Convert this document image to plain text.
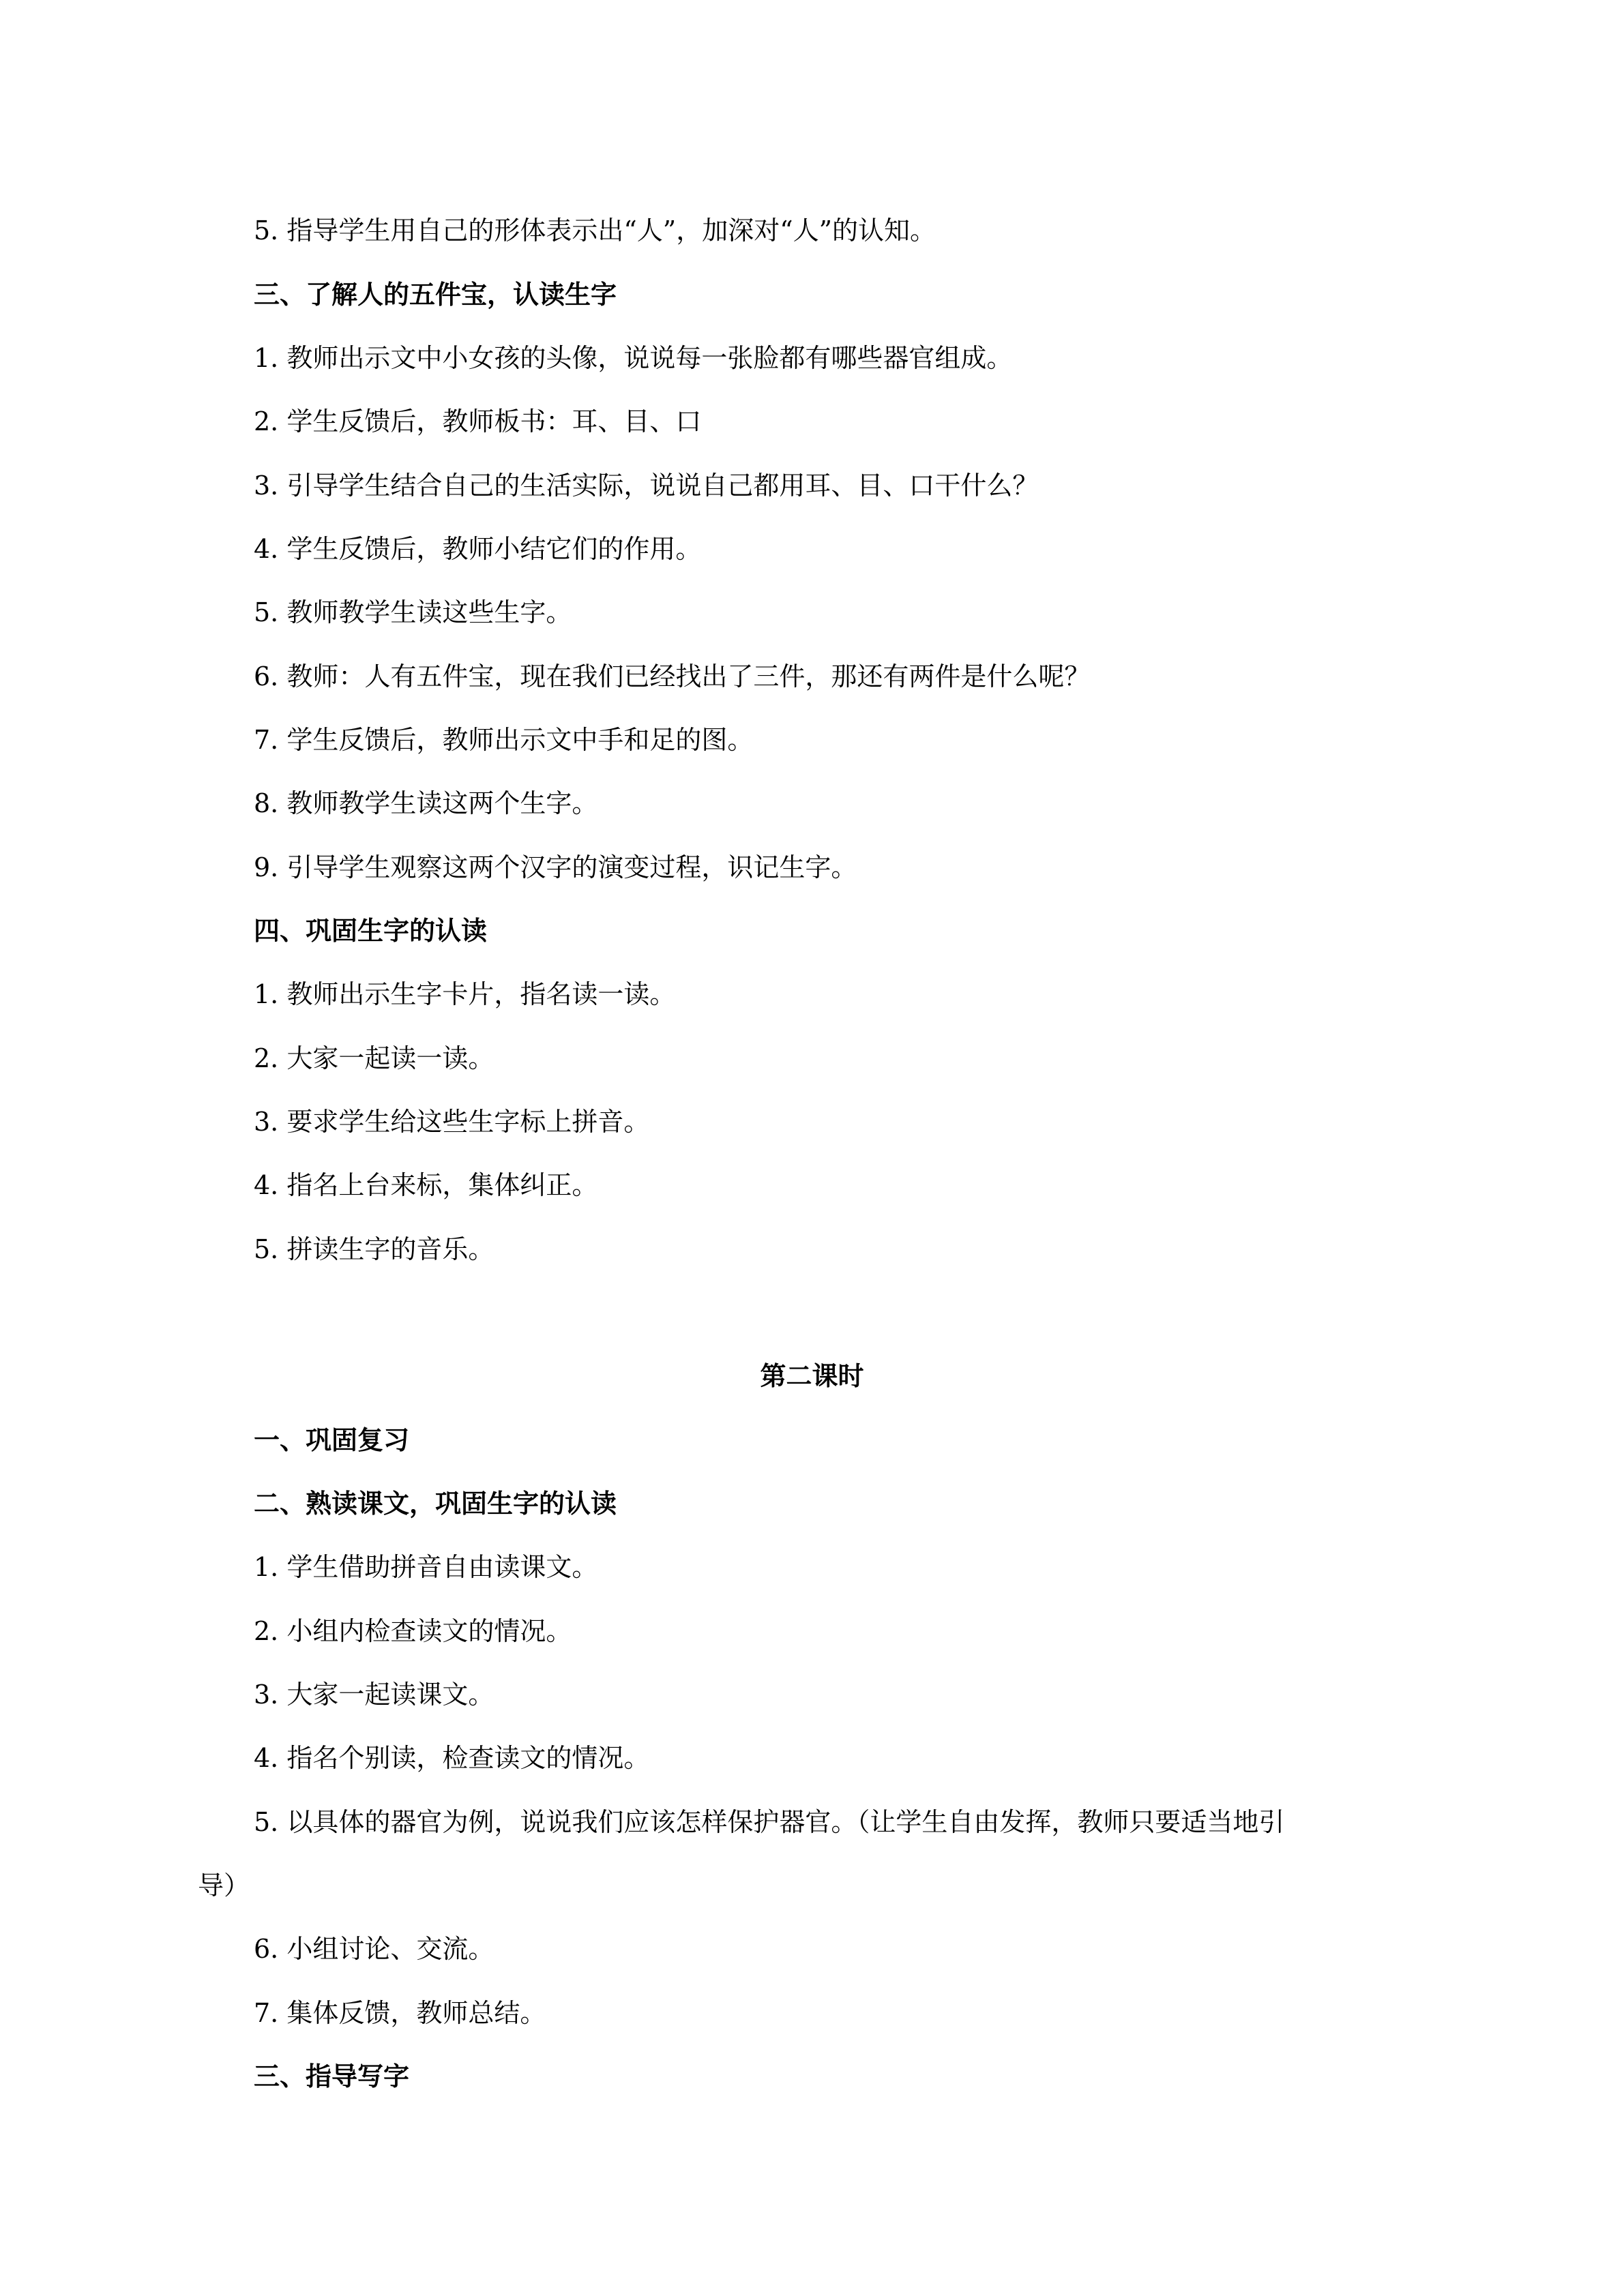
5. 指导学生用自己的形体表示出“人”，加深对“人”的认知。
三、了解人的五件宝，认读生字
1. 教师出示文中小女孩的头像，说说每一张脸都有哪些器官组成。
2. 学生反馈后，教师板书：耳、目、口
3. 引导学生结合自己的生活实际，说说自己都用耳、目、口干什么？
4. 学生反馈后，教师小结它们的作用。
5. 教师教学生读这些生字。
6. 教师：人有五件宝，现在我们已经找出了三件，那还有两件是什么呢？
7. 学生反馈后，教师出示文中手和足的图。
8. 教师教学生读这两个生字。
9. 引导学生观察这两个汉字的演变过程，识记生字。
四、巩固生字的认读
1. 教师出示生字卡片，指名读一读。
2. 大家一起读一读。
3. 要求学生给这些生字标上拼音。
4. 指名上台来标，集体纠正。
5. 拼读生字的音乐。
第二课时
一、巩固复习
二、熟读课文，巩固生字的认读
1. 学生借助拼音自由读课文。
2. 小组内检查读文的情况。
3. 大家一起读课文。
4. 指名个别读，检查读文的情况。
5. 以具体的器官为例，说说我们应该怎样保护器官。（让学生自由发挥，教师只要适当地引
导）
6. 小组讨论、交流。
7. 集体反馈，教师总结。
三、指导写字
